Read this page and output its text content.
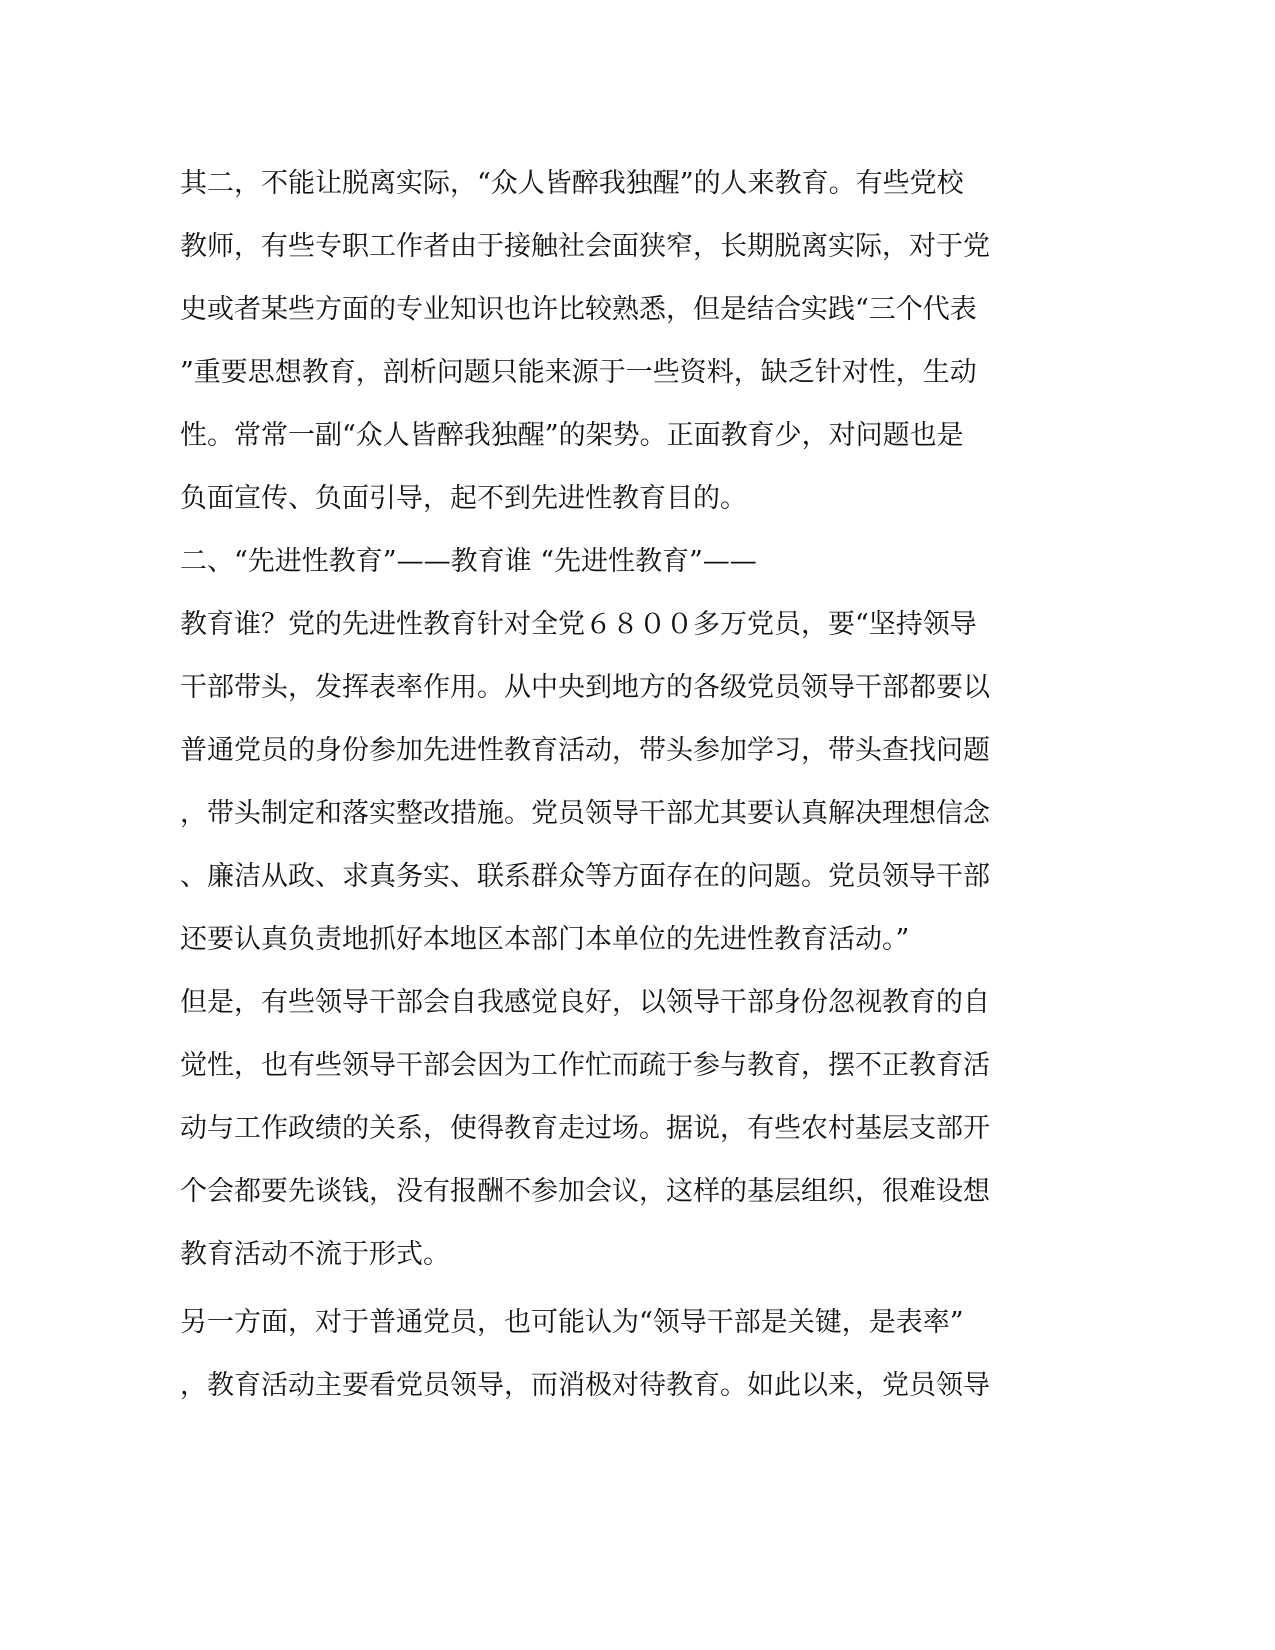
其二，不能让脱离实际，“众人皆醉我独醒”的人来教育。有些党校
教师，有些专职工作者由于接触社会面狭窄，长期脱离实际，对于党
史或者某些方面的专业知识也许比较熟悉，但是结合实践“三个代表
”重要思想教育，剖析问题只能来源于一些资料，缺乏针对性，生动
性。常常一副“众人皆醉我独醒”的架势。正面教育少，对问题也是
负面宣传、负面引导，起不到先进性教育目的。
二、“先进性教育”——教育谁 “先进性教育”——
教育谁？党的先进性教育针对全党６８００多万党员，要“坚持领导
干部带头，发挥表率作用。从中央到地方的各级党员领导干部都要以
普通党员的身份参加先进性教育活动，带头参加学习，带头查找问题
，带头制定和落实整改措施。党员领导干部尤其要认真解决理想信念
、廉洁从政、求真务实、联系群众等方面存在的问题。党员领导干部
还要认真负责地抓好本地区本部门本单位的先进性教育活动。”
但是，有些领导干部会自我感觉良好，以领导干部身份忽视教育的自
觉性，也有些领导干部会因为工作忙而疏于参与教育，摆不正教育活
动与工作政绩的关系，使得教育走过场。据说，有些农村基层支部开
个会都要先谈钱，没有报酬不参加会议，这样的基层组织，很难设想
教育活动不流于形式。
另一方面，对于普通党员，也可能认为“领导干部是关键，是表率”
，教育活动主要看党员领导，而消极对待教育。如此以来，党员领导
